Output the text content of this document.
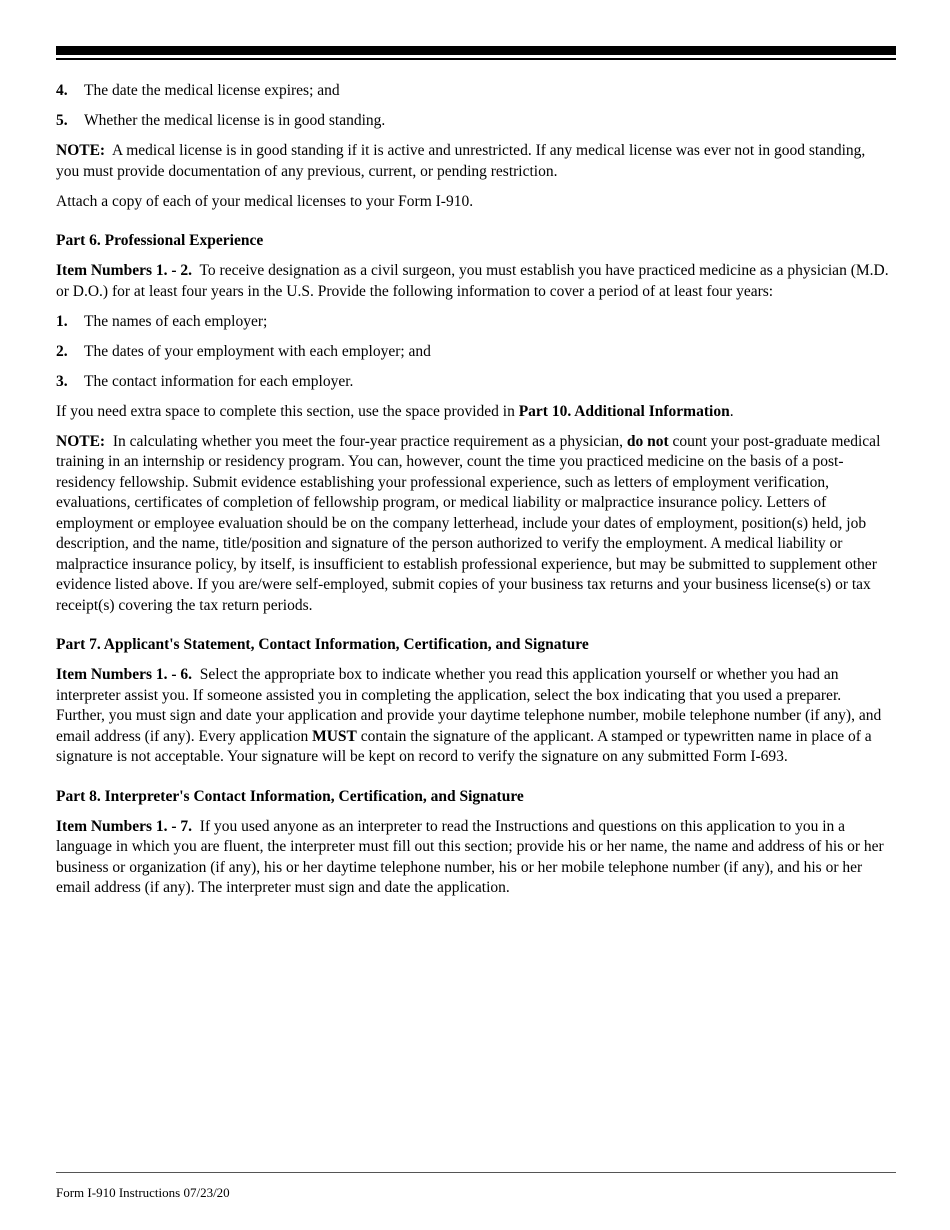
4. The date the medical license expires; and
5. Whether the medical license is in good standing.

NOTE: A medical license is in good standing if it is active and unrestricted. If any medical license was ever not in good standing, you must provide documentation of any previous, current, or pending restriction.

Attach a copy of each of your medical licenses to your Form I-910.

Part 6. Professional Experience

Item Numbers 1. - 2. To receive designation as a civil surgeon, you must establish you have practiced medicine as a physician (M.D. or D.O.) for at least four years in the U.S. Provide the following information to cover a period of at least four years:

1. The names of each employer;
2. The dates of your employment with each employer; and
3. The contact information for each employer.

If you need extra space to complete this section, use the space provided in Part 10. Additional Information.

NOTE: In calculating whether you meet the four-year practice requirement as a physician, do not count your post-graduate medical training in an internship or residency program. You can, however, count the time you practiced medicine on the basis of a post-residency fellowship. Submit evidence establishing your professional experience, such as letters of employment verification, evaluations, certificates of completion of fellowship program, or medical liability or malpractice insurance policy. Letters of employment or employee evaluation should be on the company letterhead, include your dates of employment, position(s) held, job description, and the name, title/position and signature of the person authorized to verify the employment. A medical liability or malpractice insurance policy, by itself, is insufficient to establish professional experience, but may be submitted to supplement other evidence listed above. If you are/were self-employed, submit copies of your business tax returns and your business license(s) or tax receipt(s) covering the tax return periods.

Part 7. Applicant's Statement, Contact Information, Certification, and Signature

Item Numbers 1. - 6. Select the appropriate box to indicate whether you read this application yourself or whether you had an interpreter assist you. If someone assisted you in completing the application, select the box indicating that you used a preparer. Further, you must sign and date your application and provide your daytime telephone number, mobile telephone number (if any), and email address (if any). Every application MUST contain the signature of the applicant. A stamped or typewritten name in place of a signature is not acceptable. Your signature will be kept on record to verify the signature on any submitted Form I-693.

Part 8. Interpreter's Contact Information, Certification, and Signature

Item Numbers 1. - 7. If you used anyone as an interpreter to read the Instructions and questions on this application to you in a language in which you are fluent, the interpreter must fill out this section; provide his or her name, the name and address of his or her business or organization (if any), his or her daytime telephone number, his or her mobile telephone number (if any), and his or her email address (if any). The interpreter must sign and date the application.

Form I-910 Instructions 07/23/20
